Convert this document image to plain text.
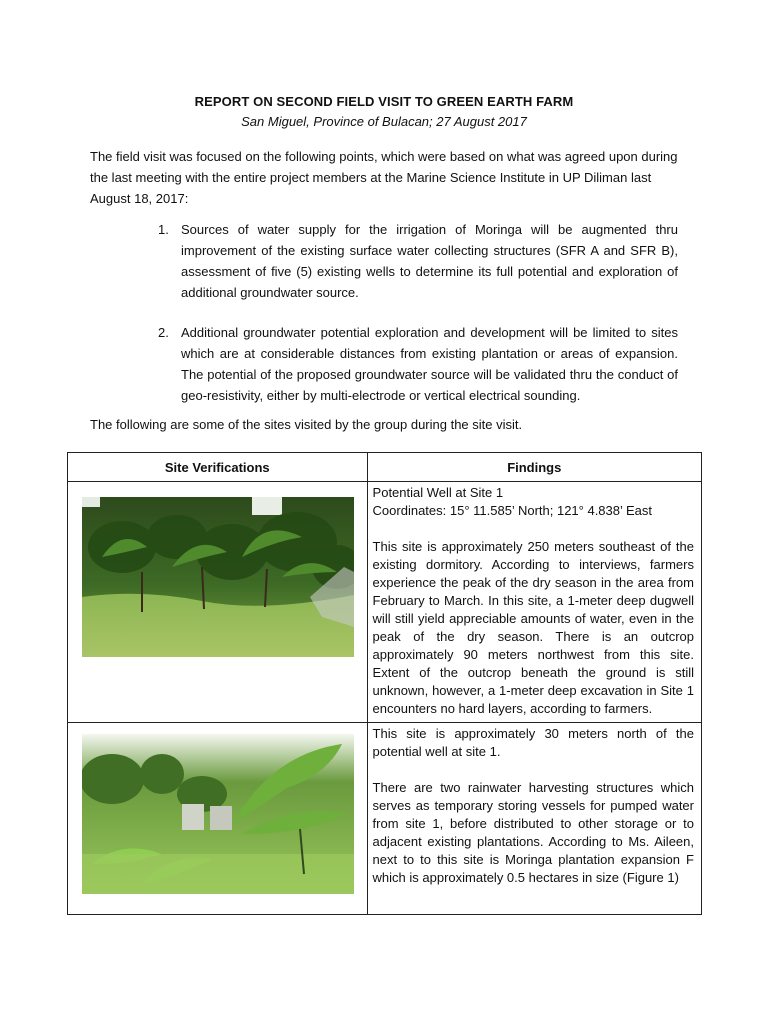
REPORT ON SECOND FIELD VISIT TO GREEN EARTH FARM
San Miguel, Province of Bulacan; 27 August 2017
The field visit was focused on the following points, which were based on what was agreed upon during the last meeting with the entire project members at the Marine Science Institute in UP Diliman last August 18, 2017:
1. Sources of water supply for the irrigation of Moringa will be augmented thru improvement of the existing surface water collecting structures (SFR A and SFR B), assessment of five (5) existing wells to determine its full potential and exploration of additional groundwater source.
2. Additional groundwater potential exploration and development will be limited to sites which are at considerable distances from existing plantation or areas of expansion. The potential of the proposed groundwater source will be validated thru the conduct of geo-resistivity, either by multi-electrode or vertical electrical sounding.
The following are some of the sites visited by the group during the site visit.
Site Verifications	Findings

Potential Well at Site 1
Coordinates: 15° 11.585’ North; 121° 4.838’ East

This site is approximately 250 meters southeast of the existing dormitory. According to interviews, farmers experience the peak of the dry season in the area from February to March. In this site, a 1-meter deep dugwell will still yield appreciable amounts of water, even in the peak of the dry season. There is an outcrop approximately 90 meters northwest from this site. Extent of the outcrop beneath the ground is still unknown, however, a 1-meter deep excavation in Site 1 encounters no hard layers, according to farmers.

This site is approximately 30 meters north of the potential well at site 1.

There are two rainwater harvesting structures which serves as temporary storing vessels for pumped water from site 1, before distributed to other storage or to adjacent existing plantations. According to Ms. Aileen, next to to this site is Moringa plantation expansion F which is approximately 0.5 hectares in size (Figure 1)
